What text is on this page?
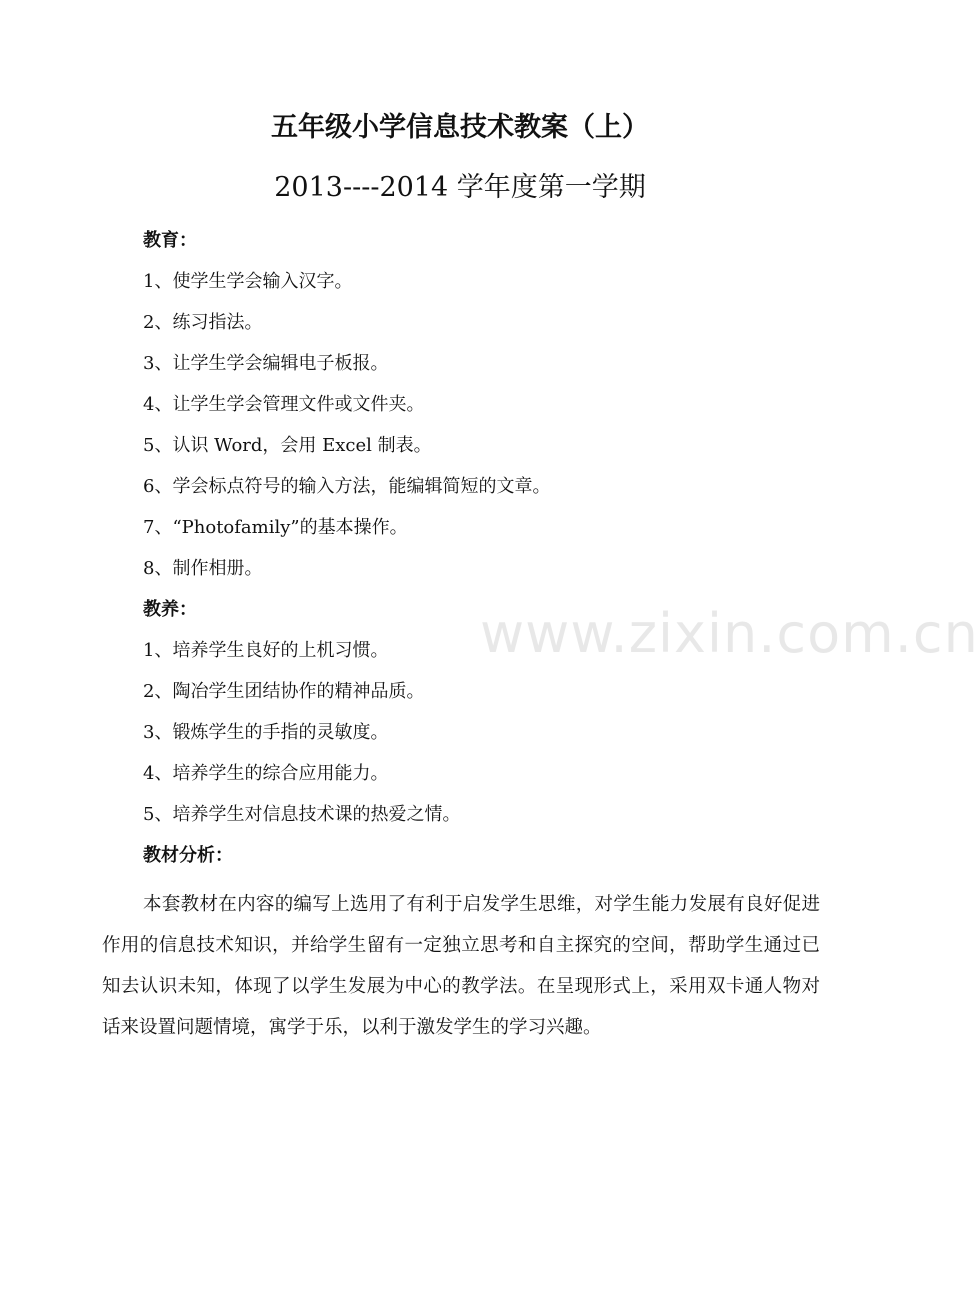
五年级小学信息技术教案（上）
2013----2014 学年度第一学期

教育：

1、使学生学会输入汉字。

2、练习指法。

3、让学生学会编辑电子板报。

4、让学生学会管理文件或文件夹。

5、认识 Word，会用 Excel 制表。

6、学会标点符号的输入方法，能编辑简短的文章。

7、“Photofamily”的基本操作。

8、制作相册。

教养：

1、培养学生良好的上机习惯。

2、陶冶学生团结协作的精神品质。

3、锻炼学生的手指的灵敏度。

4、培养学生的综合应用能力。

5、培养学生对信息技术课的热爱之情。

教材分析：

本套教材在内容的编写上选用了有利于启发学生思维，对学生能力发展有良好促进作用的信息技术知识，并给学生留有一定独立思考和自主探究的空间，帮助学生通过已知去认识未知，体现了以学生发展为中心的教学法。在呈现形式上，采用双卡通人物对话来设置问题情境，寓学于乐，以利于激发学生的学习兴趣。

www.zixin.com.cn
